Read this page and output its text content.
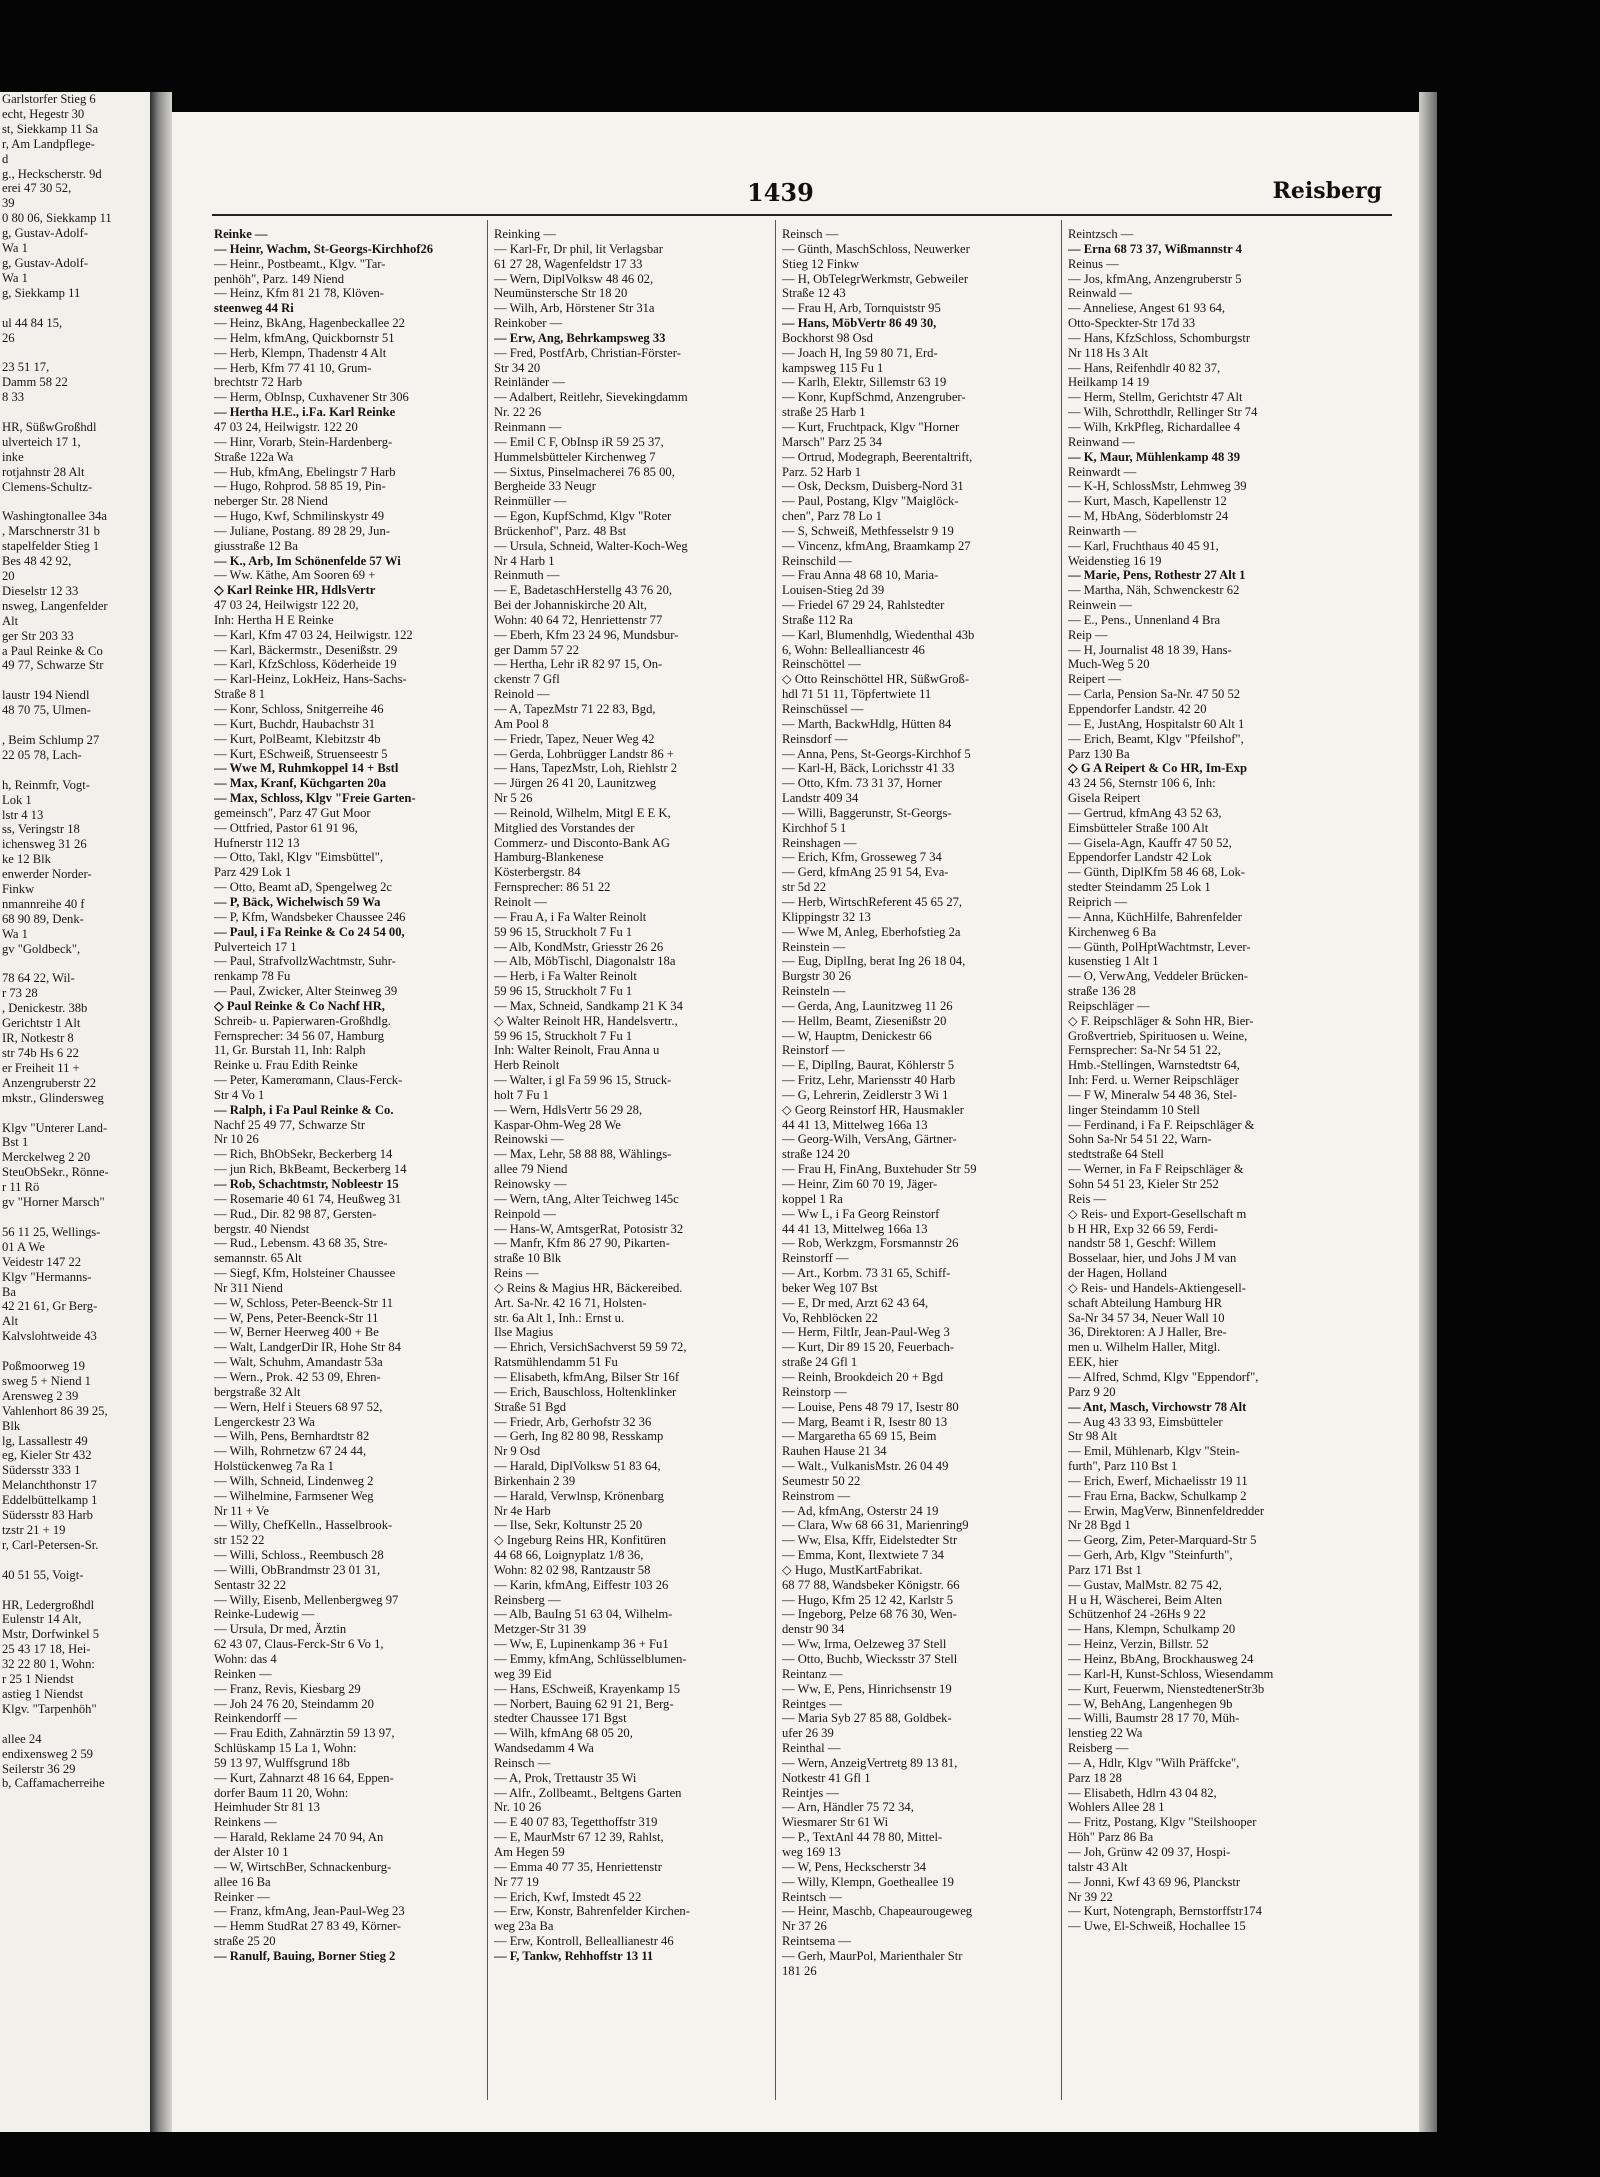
Garlstorfer Stieg 6
echt, Hegestr 30
st, Siekkamp 11 Sa
r, Am Landpflege-
d
g., Heckscherstr. 9d
erei 47 30 52,
39
0 80 06, Siekkamp 11
g, Gustav-Adolf-
Wa 1
g, Gustav-Adolf-
Wa 1
g, Siekkamp 11

ul 44 84 15,
26

23 51 17,
Damm 58 22
8 33

HR, SüßwGroßhdl
ulverteich 17 1,
inke
rotjahnstr 28 Alt
Clemens-Schultz-

Washingtonallee 34a
, Marschnerstr 31 b
stapelfelder Stieg 1
Bes 48 42 92,
20
Dieselstr 12 33
nsweg, Langenfelder
Alt
ger Str 203 33
a Paul Reinke & Co
49 77, Schwarze Str

laustr 194 Niendl
48 70 75, Ulmen-

, Beim Schlump 27
22 05 78, Lach-

h, Reinmfr, Vogt-
Lok 1
lstr 4 13
ss, Veringstr 18
ichensweg 31 26
ke 12 Blk
enwerder Norder-
Finkw
nmannreihe 40 f
68 90 89, Denk-
Wa 1
gv "Goldbeck",

78 64 22, Wil-
r 73 28
, Denickestr. 38b
Gerichtstr 1 Alt
IR, Notkestr 8
str 74b Hs 6 22
er Freiheit 11 +
Anzengruberstr 22
mkstr., Glindersweg

Klgv "Unterer Land-
Bst 1
Merckelweg 2 20
SteuObSekr., Rönne-
r 11 Rö
gv "Horner Marsch"

56 11 25, Wellings-
01 A We
Veidestr 147 22
Klgv "Hermanns-
Ba
42 21 61, Gr Berg-
Alt
Kalvslohtweide 43

Poßmoorweg 19
sweg 5 + Niend 1
Arensweg 2 39
Vahlenhort 86 39 25,
Blk
lg, Lassallestr 49
eg, Kieler Str 432
Südersstr 333 1
Melanchthonstr 17
Eddelbüttelkamp 1
Südersstr 83 Harb
tzstr 21 + 19
r, Carl-Petersen-Sr.

40 51 55, Voigt-

HR, Ledergroßhdl
Eulenstr 14 Alt,
Mstr, Dorfwinkel 5
25 43 17 18, Hei-
32 22 80 1, Wohn:
r 25 1 Niendst
astieg 1 Niendst
Klgv. "Tarpenhöh"

allee 24
endixensweg 2 59
Seilerstr 36 29
b, Caffamacherreihe
1439	Reisberg
Reinke —
— Heinr, Wachm, St-Georgs-Kirchhof26
— Heinr., Postbeamt., Klgv. "Tar-
penhöh", Parz. 149 Niend
— Heinz, Kfm 81 21 78, Klöven-
steenweg 44 Ri
— Heinz, BkAng, Hagenbeckallee 22
— Helm, kfmAng, Quickbornstr 51
— Herb, Klempn, Thadenstr 4 Alt
— Herb, Kfm 77 41 10, Grum-
brechtstr 72 Harb
— Herm, ObInsp, Cuxhavener Str 306
— Hertha H.E., i.Fa. Karl Reinke
47 03 24, Heilwigstr. 122 20
— Hinr, Vorarb, Stein-Hardenberg-
Straße 122a Wa
— Hub, kfmAng, Ebelingstr 7 Harb
— Hugo, Rohprod. 58 85 19, Pin-
neberger Str. 28 Niend
— Hugo, Kwf, Schmilinskystr 49
— Juliane, Postang. 89 28 29, Jun-
giusstraße 12 Ba
— K., Arb, Im Schönenfelde 57 Wi
— Ww. Käthe, Am Sooren 69 +
◇ Karl Reinke HR, HdlsVertr
47 03 24, Heilwigstr 122 20,
Inh: Hertha H E Reinke
— Karl, Kfm 47 03 24, Heilwigstr. 122
— Karl, Bäckermstr., Desenißstr. 29
— Karl, KfzSchloss, Köderheide 19
— Karl-Heinz, LokHeiz, Hans-Sachs-
Straße 8 1
— Konr, Schloss, Snitgerreihe 46
— Kurt, Buchdr, Haubachstr 31
— Kurt, PolBeamt, Klebitzstr 4b
— Kurt, ESchweiß, Struenseestr 5
— Wwe M, Ruhmkoppel 14 + Bstl
— Max, Kranf, Küchgarten 20a
— Max, Schloss, Klgv "Freie Garten-
gemeinsch", Parz 47 Gut Moor
— Ottfried, Pastor 61 91 96,
Hufnerstr 112 13
— Otto, Takl, Klgv "Eimsbüttel",
Parz 429 Lok 1
— Otto, Beamt aD, Spengelweg 2c
— P, Bäck, Wichelwisch 59 Wa
— P, Kfm, Wandsbeker Chaussee 246
— Paul, i Fa Reinke & Co 24 54 00,
Pulverteich 17 1
— Paul, StrafvollzWachtmstr, Suhr-
renkamp 78 Fu
— Paul, Zwicker, Alter Steinweg 39
◇ Paul Reinke & Co Nachf HR,
Schreib- u. Papierwaren-Großhdlg.
Fernsprecher: 34 56 07, Hamburg
11, Gr. Burstah 11, Inh: Ralph
Reinke u. Frau Edith Reinke
— Peter, Kamerαmann, Claus-Ferck-
Str 4 Vo 1
— Ralph, i Fa Paul Reinke & Co.
Nachf 25 49 77, Schwarze Str
Nr 10 26
— Rich, BhObSekr, Beckerberg 14
— jun Rich, BkBeamt, Beckerberg 14
— Rob, Schachtmstr, Nobleestr 15
— Rosemarie 40 61 74, Heußweg 31
— Rud., Dir. 82 98 87, Gersten-
bergstr. 40 Niendst
— Rud., Lebensm. 43 68 35, Stre-
semannstr. 65 Alt
— Siegf, Kfm, Holsteiner Chaussee
Nr 311 Niend
— W, Schloss, Peter-Beenck-Str 11
— W, Pens, Peter-Beenck-Str 11
— W, Berner Heerweg 400 + Be
— Walt, LandgerDir IR, Hohe Str 84
— Walt, Schuhm, Amandastr 53a
— Wern., Prok. 42 53 09, Ehren-
bergstraße 32 Alt
— Wern, Helf i Steuers 68 97 52,
Lengerckestr 23 Wa
— Wilh, Pens, Bernhardtstr 82
— Wilh, Rohrnetzw 67 24 44,
Holstückenweg 7a Ra 1
— Wilh, Schneid, Lindenweg 2
— Wilhelmine, Farmsener Weg
Nr 11 + Ve
— Willy, ChefKelln., Hasselbrook-
str 152 22
— Willi, Schloss., Reembusch 28
— Willi, ObBrandmstr 23 01 31,
Sentastr 32 22
— Willy, Eisenb, Mellenbergweg 97
Reinke-Ludewig —
— Ursula, Dr med, Ärztin
62 43 07, Claus-Ferck-Str 6 Vo 1,
Wohn: das 4
Reinken —
— Franz, Revis, Kiesbarg 29
— Joh 24 76 20, Steindamm 20
Reinkendorff —
— Frau Edith, Zahnärztin 59 13 97,
Schlüskamp 15 La 1, Wohn:
59 13 97, Wulffsgrund 18b
— Kurt, Zahnarzt 48 16 64, Eppen-
dorfer Baum 11 20, Wohn:
Heimhuder Str 81 13
Reinkens —
— Harald, Reklame 24 70 94, An
der Alster 10 1
— W, WirtschBer, Schnackenburg-
allee 16 Ba
Reinker —
— Franz, kfmAng, Jean-Paul-Weg 23
— Hemm StudRat 27 83 49, Körner-
straße 25 20
— Ranulf, Bauing, Borner Stieg 2
Reinking —
— Karl-Fr, Dr phil, lit Verlagsbar
61 27 28, Wagenfeldstr 17 33
— Wern, DiplVolksw 48 46 02,
Neumünstersche Str 18 20
— Wilh, Arb, Hörstener Str 31a
Reinkober —
— Erw, Ang, Behrkampsweg 33
— Fred, PostfArb, Christian-Förster-
Str 34 20
Reinländer —
— Adalbert, Reitlehr, Sievekingdamm
Nr. 22 26
Reinmann —
— Emil C F, ObInsp iR 59 25 37,
Hummelsbütteler Kirchenweg 7
— Sixtus, Pinselmacherei 76 85 00,
Bergheide 33 Neugr
Reinmüller —
— Egon, KupfSchmd, Klgv "Roter
Brückenhof", Parz. 48 Bst
— Ursula, Schneid, Walter-Koch-Weg
Nr 4 Harb 1
Reinmuth —
— E, BadetaschHerstellg 43 76 20,
Bei der Johanniskirche 20 Alt,
Wohn: 40 64 72, Henriettenstr 77
— Eberh, Kfm 23 24 96, Mundsbur-
ger Damm 57 22
— Hertha, Lehr iR 82 97 15, On-
ckenstr 7 Gfl
Reinold —
— A, TapezMstr 71 22 83, Bgd,
Am Pool 8
— Friedr, Tapez, Neuer Weg 42
— Gerda, Lohbrügger Landstr 86 +
— Hans, TapezMstr, Loh, Riehlstr 2
— Jürgen 26 41 20, Launitzweg
Nr 5 26
— Reinold, Wilhelm, Mitgl E E K,
Mitglied des Vorstandes der
Commerz- und Disconto-Bank AG
Hamburg-Blankenese
Kösterbergstr. 84
Fernsprecher: 86 51 22
Reinolt —
— Frau A, i Fa Walter Reinolt
59 96 15, Struckholt 7 Fu 1
— Alb, KondMstr, Griesstr 26 26
— Alb, MöbTischl, Diagonalstr 18a
— Herb, i Fa Walter Reinolt
59 96 15, Struckholt 7 Fu 1
— Max, Schneid, Sandkamp 21 K 34
◇ Walter Reinolt HR, Handelsvertr.,
59 96 15, Struckholt 7 Fu 1
Inh: Walter Reinolt, Frau Anna u
Herb Reinolt
— Walter, i gl Fa 59 96 15, Struck-
holt 7 Fu 1
— Wern, HdlsVertr 56 29 28,
Kaspar-Ohm-Weg 28 We
Reinowski —
— Max, Lehr, 58 88 88, Wählings-
allee 79 Niend
Reinowsky —
— Wern, tAng, Alter Teichweg 145c
Reinpold —
— Hans-W, AmtsgerRat, Potosistr 32
— Manfr, Kfm 86 27 90, Pikarten-
straße 10 Blk
Reins —
◇ Reins & Magius HR, Bäckereibed.
Art. Sa-Nr. 42 16 71, Holsten-
str. 6a Alt 1, Inh.: Ernst u.
Ilse Magius
— Ehrich, VersichSachverst 59 59 72,
Ratsmühlendamm 51 Fu
— Elisabeth, kfmAng, Bilser Str 16f
— Erich, Bauschloss, Holtenklinker
Straße 51 Bgd
— Friedr, Arb, Gerhofstr 32 36
— Gerh, Ing 82 80 98, Resskamp
Nr 9 Osd
— Harald, DiplVolksw 51 83 64,
Birkenhain 2 39
— Harald, Verwlnsp, Krönenbarg
Nr 4e Harb
— Ilse, Sekr, Koltunstr 25 20
◇ Ingeburg Reins HR, Konfitüren
44 68 66, Loignyplatz 1/8 36,
Wohn: 82 02 98, Rantzaustr 58
— Karin, kfmAng, Eiffestr 103 26
Reinsberg —
— Alb, BauIng 51 63 04, Wilhelm-
Metzger-Str 31 39
— Ww, E, Lupinenkamp 36 + Fu1
— Emmy, kfmAng, Schlüsselblumen-
weg 39 Eid
— Hans, ESchweiß, Krayenkamp 15
— Norbert, Bauing 62 91 21, Berg-
stedter Chaussee 171 Bgst
— Wilh, kfmAng 68 05 20,
Wandsedamm 4 Wa
Reinsch —
— A, Prok, Trettaustr 35 Wi
— Alfr., Zollbeamt., Beltgens Garten
Nr. 10 26
— E 40 07 83, Tegetthoffstr 319
— E, MaurMstr 67 12 39, Rahlst,
Am Hegen 59
— Emma 40 77 35, Henriettenstr
Nr 77 19
— Erich, Kwf, Imstedt 45 22
— Erw, Konstr, Bahrenfelder Kirchen-
weg 23a Ba
— Erw, Kontroll, Belleallianestr 46
— F, Tankw, Rehhoffstr 13 11
Reinsch —
— Günth, MaschSchloss, Neuwerker
Stieg 12 Finkw
— H, ObTelegrWerkmstr, Gebweiler
Straße 12 43
— Frau H, Arb, Tornquiststr 95
— Hans, MöbVertr 86 49 30,
Bockhorst 98 Osd
— Joach H, Ing 59 80 71, Erd-
kampsweg 115 Fu 1
— Karlh, Elektr, Sillemstr 63 19
— Konr, KupfSchmd, Anzengruber-
straße 25 Harb 1
— Kurt, Fruchtpack, Klgv "Horner
Marsch" Parz 25 34
— Ortrud, Modegraph, Beerentaltrift,
Parz. 52 Harb 1
— Osk, Decksm, Duisberg-Nord 31
— Paul, Postang, Klgv "Maiglöck-
chen", Parz 78 Lo 1
— S, Schweiß, Methfesselstr 9 19
— Vincenz, kfmAng, Braamkamp 27
Reinschild —
— Frau Anna 48 68 10, Maria-
Louisen-Stieg 2d 39
— Friedel 67 29 24, Rahlstedter
Straße 112 Ra
— Karl, Blumenhdlg, Wiedenthal 43b
6, Wohn: Bellealliancestr 46
Reinschöttel —
◇ Otto Reinschöttel HR, SüßwGroß-
hdl 71 51 11, Töpfertwiete 11
Reinschüssel —
— Marth, BackwHdlg, Hütten 84
Reinsdorf —
— Anna, Pens, St-Georgs-Kirchhof 5
— Karl-H, Bäck, Lorichsstr 41 33
— Otto, Kfm. 73 31 37, Horner
Landstr 409 34
— Willi, Baggerunstr, St-Georgs-
Kirchhof 5 1
Reinshagen —
— Erich, Kfm, Grosseweg 7 34
— Gerd, kfmAng 25 91 54, Eva-
str 5d 22
— Herb, WirtschReferent 45 65 27,
Klippingstr 32 13
— Wwe M, Anleg, Eberhofstieg 2a
Reinstein —
— Eug, DiplIng, berat Ing 26 18 04,
Burgstr 30 26
Reinsteln —
— Gerda, Ang, Launitzweg 11 26
— Hellm, Beamt, Ziesenißstr 20
— W, Hauptm, Denickestr 66
Reinstorf —
— E, DiplIng, Baurat, Köhlerstr 5
— Fritz, Lehr, Mariensstr 40 Harb
— G, Lehrerin, Zeidlerstr 3 Wi 1
◇ Georg Reinstorf HR, Hausmakler
44 41 13, Mittelweg 166a 13
— Georg-Wilh, VersAng, Gärtner-
straße 124 20
— Frau H, FinAng, Buxtehuder Str 59
— Heinr, Zim 60 70 19, Jäger-
koppel 1 Ra
— Ww L, i Fa Georg Reinstorf
44 41 13, Mittelweg 166a 13
— Rob, Werkzgm, Forsmannstr 26
Reinstorff —
— Art., Korbm. 73 31 65, Schiff-
beker Weg 107 Bst
— E, Dr med, Arzt 62 43 64,
Vo, Rehblöcken 22
— Herm, FiltIr, Jean-Paul-Weg 3
— Kurt, Dir 89 15 20, Feuerbach-
straße 24 Gfl 1
— Reinh, Brookdeich 20 + Bgd
Reinstorp —
— Louise, Pens 48 79 17, Isestr 80
— Marg, Beamt i R, Isestr 80 13
— Margaretha 65 69 15, Beim
Rauhen Hause 21 34
— Walt., VulkanisMstr. 26 04 49
Seumestr 50 22
Reinstrom —
— Ad, kfmAng, Osterstr 24 19
— Clara, Ww 68 66 31, Marienring9
— Ww, Elsa, Kffr, Eidelstedter Str
— Emma, Kont, Ilextwiete 7 34
◇ Hugo, MustKartFabrikat.
68 77 88, Wandsbeker Königstr. 66
— Hugo, Kfm 25 12 42, Karlstr 5
— Ingeborg, Pelze 68 76 30, Wen-
denstr 90 34
— Ww, Irma, Oelzeweg 37 Stell
— Otto, Buchb, Wiecksstr 37 Stell
Reintanz —
— Ww, E, Pens, Hinrichsenstr 19
Reintges —
— Maria Syb 27 85 88, Goldbek-
ufer 26 39
Reinthal —
— Wern, AnzeigVertretg 89 13 81,
Notkestr 41 Gfl 1
Reintjes —
— Arn, Händler 75 72 34,
Wiesmarer Str 61 Wi
— P., TextAnl 44 78 80, Mittel-
weg 169 13
— W, Pens, Heckscherstr 34
— Willy, Klempn, Goetheallee 19
Reintsch —
— Heinr, Maschb, Chapeaurougeweg
Nr 37 26
Reintsema —
— Gerh, MaurPol, Marienthaler Str
181 26
Reintzsch —
— Erna 68 73 37, Wißmannstr 4
Reinus —
— Jos, kfmAng, Anzengruberstr 5
Reinwald —
— Anneliese, Angest 61 93 64,
Otto-Speckter-Str 17d 33
— Hans, KfzSchloss, Schomburgstr
Nr 118 Hs 3 Alt
— Hans, Reifenhdlr 40 82 37,
Heilkamp 14 19
— Herm, Stellm, Gerichtstr 47 Alt
— Wilh, Schrotthdlr, Rellinger Str 74
— Wilh, KrkPfleg, Richardallee 4
Reinwand —
— K, Maur, Mühlenkamp 48 39
Reinwardt —
— K-H, SchlossMstr, Lehmweg 39
— Kurt, Masch, Kapellenstr 12
— M, HbAng, Söderblomstr 24
Reinwarth —
— Karl, Fruchthaus 40 45 91,
Weidenstieg 16 19
— Marie, Pens, Rothestr 27 Alt 1
— Martha, Näh, Schwenckestr 62
Reinwein —
— E., Pens., Unnenland 4 Bra
Reip —
— H, Journalist 48 18 39, Hans-
Much-Weg 5 20
Reipert —
— Carla, Pension Sa-Nr. 47 50 52
Eppendorfer Landstr. 42 20
— E, JustAng, Hospitalstr 60 Alt 1
— Erich, Beamt, Klgv "Pfeilshof",
Parz 130 Ba
◇ G A Reipert & Co HR, Im-Exp
43 24 56, Sternstr 106 6, Inh:
Gisela Reipert
— Gertrud, kfmAng 43 52 63,
Eimsbütteler Straße 100 Alt
— Gisela-Agn, Kauffr 47 50 52,
Eppendorfer Landstr 42 Lok
— Günth, DiplKfm 58 46 68, Lok-
stedter Steindamm 25 Lok 1
Reiprich —
— Anna, KüchHilfe, Bahrenfelder
Kirchenweg 6 Ba
— Günth, PolHptWachtmstr, Lever-
kusenstieg 1 Alt 1
— O, VerwAng, Veddeler Brücken-
straße 136 28
Reipschläger —
◇ F. Reipschläger & Sohn HR, Bier-
Großvertrieb, Spirituosen u. Weine,
Fernsprecher: Sa-Nr 54 51 22,
Hmb.-Stellingen, Warnstedtstr 64,
Inh: Ferd. u. Werner Reipschläger
— F W, Mineralw 54 48 36, Stel-
linger Steindamm 10 Stell
— Ferdinand, i Fa F. Reipschläger &
Sohn Sa-Nr 54 51 22, Warn-
stedtstraße 64 Stell
— Werner, in Fa F Reipschläger &
Sohn 54 51 23, Kieler Str 252
Reis —
◇ Reis- und Export-Gesellschaft m
b H HR, Exp 32 66 59, Ferdi-
nandstr 58 1, Geschf: Willem
Bosselaar, hier, und Johs J M van
der Hagen, Holland
◇ Reis- und Handels-Aktiengesell-
schaft Abteilung Hamburg HR
Sa-Nr 34 57 34, Neuer Wall 10
36, Direktoren: A J Haller, Bre-
men u. Wilhelm Haller, Mitgl.
EEK, hier
— Alfred, Schmd, Klgv "Eppendorf",
Parz 9 20
— Ant, Masch, Virchowstr 78 Alt
— Aug 43 33 93, Eimsbütteler
Str 98 Alt
— Emil, Mühlenarb, Klgv "Stein-
furth", Parz 110 Bst 1
— Erich, Ewerf, Michaelisstr 19 11
— Frau Erna, Backw, Schulkamp 2
— Erwin, MagVerw, Binnenfeldredder
Nr 28 Bgd 1
— Georg, Zim, Peter-Marquard-Str 5
— Gerh, Arb, Klgv "Steinfurth",
Parz 171 Bst 1
— Gustav, MalMstr. 82 75 42,
H u H, Wäscherei, Beim Alten
Schützenhof 24 -26Hs 9 22
— Hans, Klempn, Schulkamp 20
— Heinz, Verzin, Billstr. 52
— Heinz, BbAng, Brockhausweg 24
— Karl-H, Kunst-Schloss, Wiesendamm
— Kurt, Feuerwm, NienstedtenerStr3b
— W, BehAng, Langenhegen 9b
— Willi, Baumstr 28 17 70, Müh-
lenstieg 22 Wa
Reisberg —
— A, Hdlr, Klgv "Wilh Präffcke",
Parz 18 28
— Elisabeth, Hdlrn 43 04 82,
Wohlers Allee 28 1
— Fritz, Postang, Klgv "Steilshooper
Höh" Parz 86 Ba
— Joh, Grünw 42 09 37, Hospi-
talstr 43 Alt
— Jonni, Kwf 43 69 96, Planckstr
Nr 39 22
— Kurt, Notengraph, Bernstorffstr174
— Uwe, El-Schweiß, Hochallee 15
